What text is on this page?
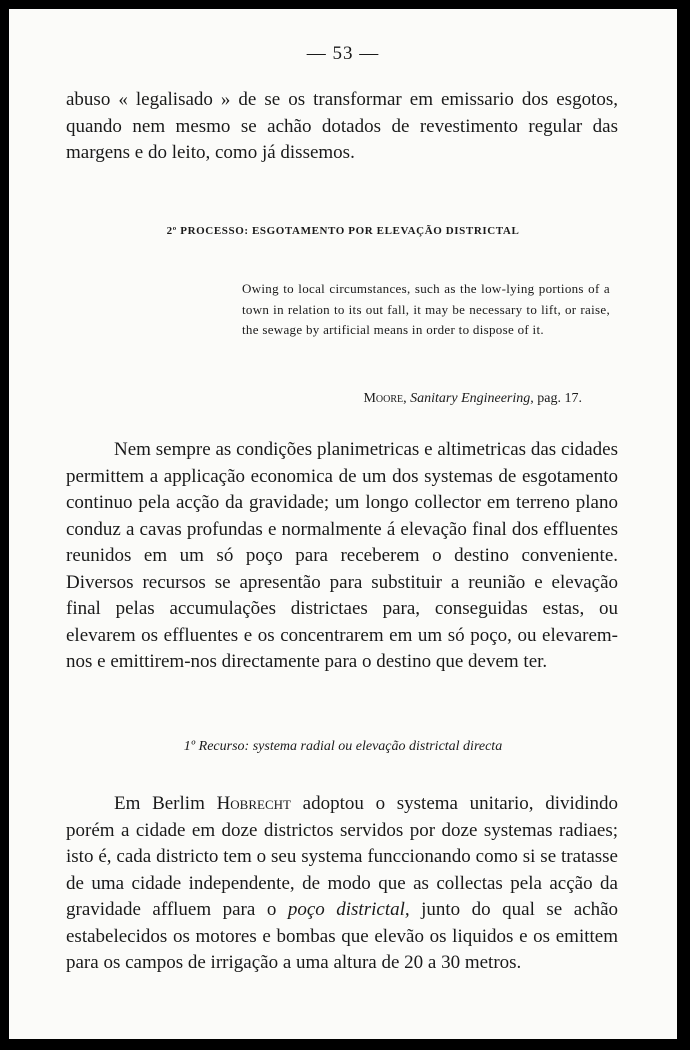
— 53 —
abuso « legalisado » de se os transformar em emissario dos esgotos, quando nem mesmo se achão dotados de revestimento regular das margens e do leito, como já dissemos.
2º PROCESSO: ESGOTAMENTO POR ELEVAÇÃO DISTRICTAL
Owing to local circumstances, such as the low-lying portions of a town in relation to its out fall, it may be necessary to lift, or raise, the sewage by artificial means in order to dispose of it.
Moore, Sanitary Engineering, pag. 17.
Nem sempre as condições planimetricas e altimetricas das cidades permittem a applicação economica de um dos systemas de esgotamento continuo pela acção da gravidade; um longo collector em terreno plano conduz a cavas profundas e normalmente á elevação final dos effluentes reunidos em um só poço para receberem o destino conveniente. Diversos recursos se apresentão para substituir a reunião e elevação final pelas accumulações districtaes para, conseguidas estas, ou elevarem os effluentes e os concentrarem em um só poço, ou elevarem-nos e emittirem-nos directamente para o destino que devem ter.
1º Recurso: systema radial ou elevação districtal directa
Em Berlim Hobrecht adoptou o systema unitario, dividindo porém a cidade em doze districtos servidos por doze systemas radiaes; isto é, cada districto tem o seu systema funccionando como si se tratasse de uma cidade independente, de modo que as collectas pela acção da gravidade affluem para o poço districtal, junto do qual se achão estabelecidos os motores e bombas que elevão os liquidos e os emittem para os campos de irrigação a uma altura de 20 a 30 metros.
